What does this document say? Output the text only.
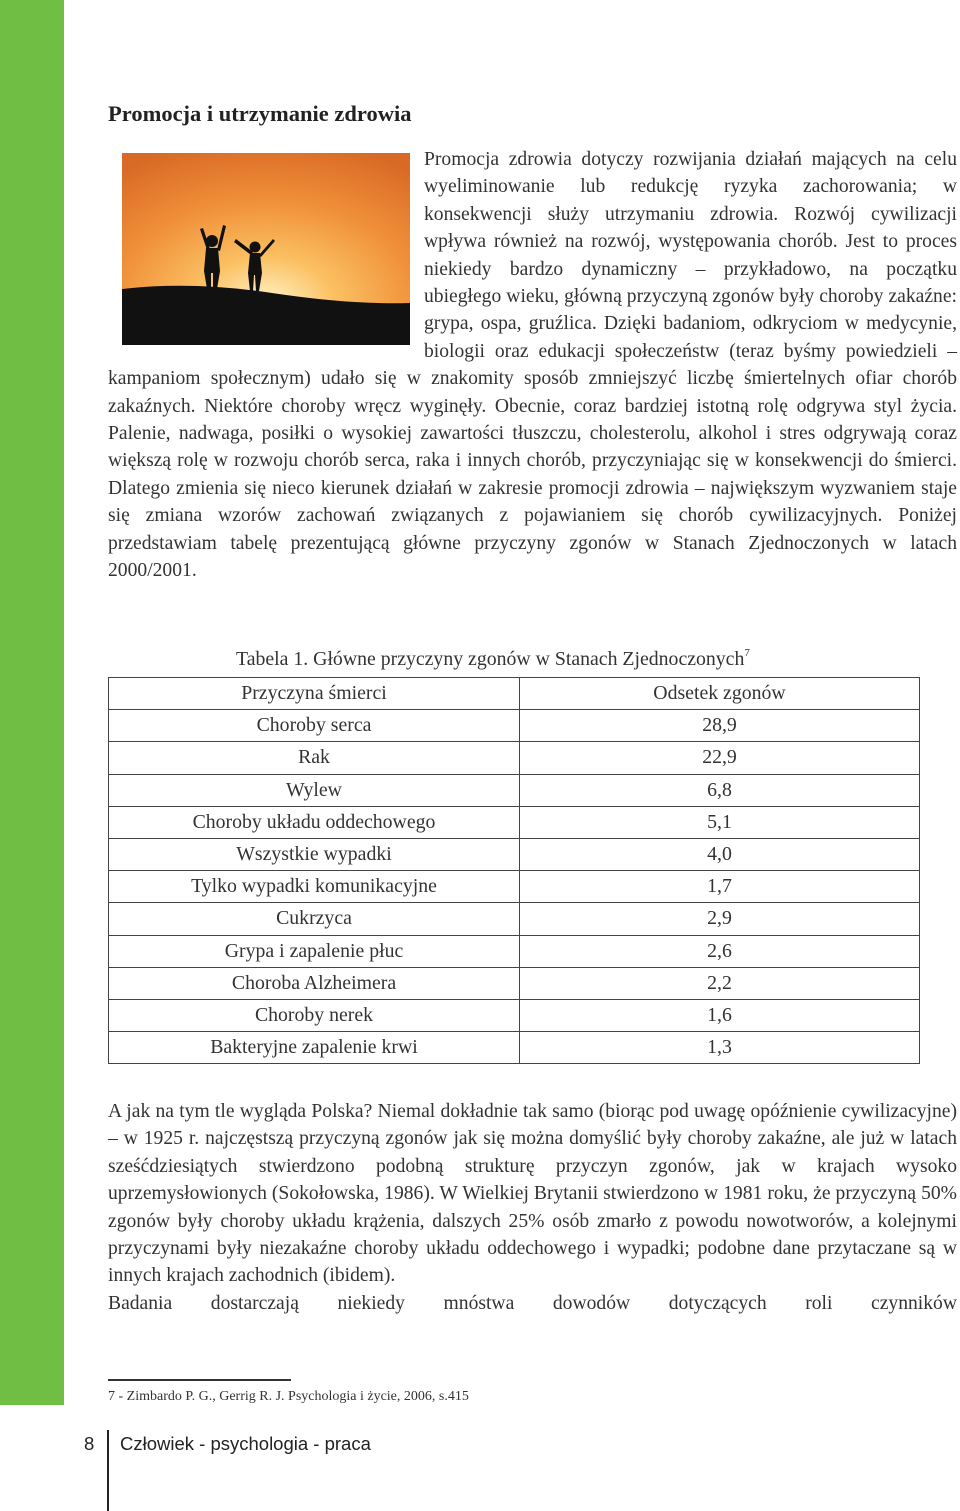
Promocja i utrzymanie zdrowia

Promocja zdrowia dotyczy rozwijania działań mających na celu wyeliminowanie lub redukcję ryzyka zachorowania; w konsekwencji służy utrzymaniu zdrowia. Rozwój cywilizacji wpływa również na rozwój, występowania chorób. Jest to proces niekiedy bardzo dynamiczny – przykładowo, na początku ubiegłego wieku, główną przyczyną zgonów były choroby zakaźne: grypa, ospa, gruźlica. Dzięki badaniom, odkryciom w medycynie, biologii oraz edukacji społeczeństw (teraz byśmy powiedzieli – kampaniom społecznym) udało się w znakomity sposób zmniejszyć liczbę śmiertelnych ofiar chorób zakaźnych. Niektóre choroby wręcz wyginęły. Obecnie, coraz bardziej istotną rolę odgrywa styl życia. Palenie, nadwaga, posiłki o wysokiej zawartości tłuszczu, cholesterolu, alkohol i stres odgrywają coraz większą rolę w rozwoju chorób serca, raka i innych chorób, przyczyniając się w konsekwencji do śmierci. Dlatego zmienia się nieco kierunek działań w zakresie promocji zdrowia – największym wyzwaniem staje się zmiana wzorów zachowań związanych z pojawianiem się chorób cywilizacyjnych. Poniżej przedstawiam tabelę prezentującą główne przyczyny zgonów w Stanach Zjednoczonych w latach 2000/2001.

Tabela 1. Główne przyczyny zgonów w Stanach Zjednoczonych$^7$
Przyczyna śmierci	Odsetek zgonów
Choroby serca	28,9
Rak	22,9
Wylew	6,8
Choroby układu oddechowego	5,1
Wszystkie wypadki	4,0
Tylko wypadki komunikacyjne	1,7
Cukrzyca	2,9
Grypa i zapalenie płuc	2,6
Choroba Alzheimera	2,2
Choroby nerek	1,6
Bakteryjne zapalenie krwi	1,3

A jak na tym tle wygląda Polska? Niemal dokładnie tak samo (biorąc pod uwagę opóźnienie cywilizacyjne) – w 1925 r. najczęstszą przyczyną zgonów jak się można domyślić były choroby zakaźne, ale już w latach sześćdziesiątych stwierdzono podobną strukturę przyczyn zgonów, jak w krajach wysoko uprzemysłowionych (Sokołowska, 1986). W Wielkiej Brytanii stwierdzono w 1981 roku, że przyczyną 50% zgonów były choroby układu krążenia, dalszych 25% osób zmarło z powodu nowotworów, a kolejnymi przyczynami były niezakaźne choroby układu oddechowego i wypadki; podobne dane przytaczane są w innych krajach zachodnich (ibidem).

Badania dostarczają niekiedy mnóstwa dowodów dotyczących roli czynników

7 - Zimbardo P. G., Gerrig R. J. Psychologia i życie, 2006, s.415
8 Człowiek - psychologia - praca
